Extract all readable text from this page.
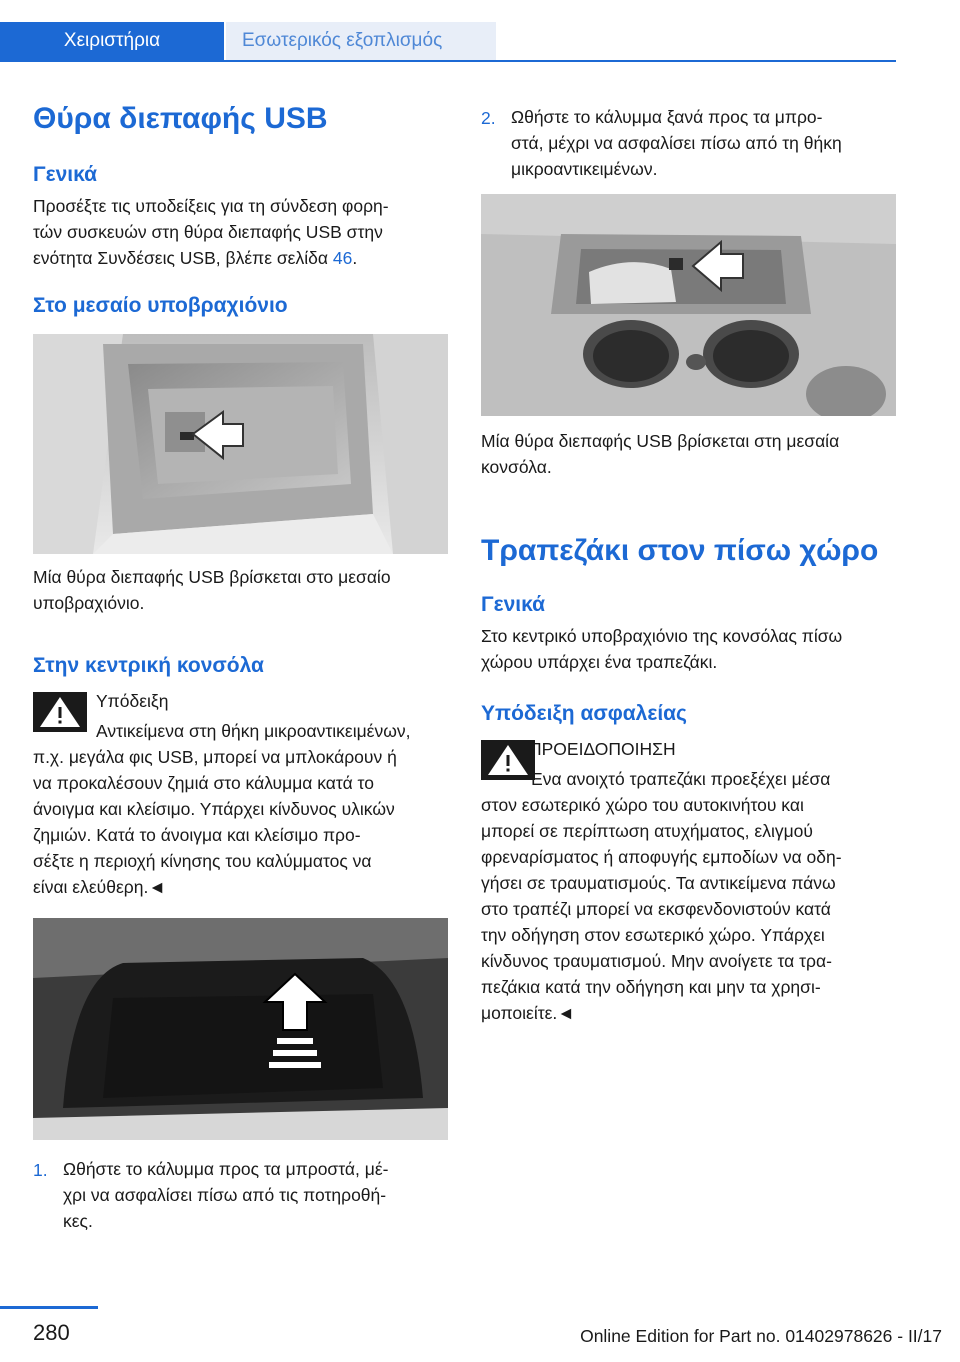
Χειριστήρια	Εσωτερικός εξοπλισμός
Θύρα διεπαφής USB
Γενικά
Προσέξτε τις υποδείξεις για τη σύνδεση φορη-
τών συσκευών στη θύρα διεπαφής USB στην
ενότητα Συνδέσεις USB, βλέπε σελίδα 46.
Στο μεσαίο υποβραχιόνιο
Μία θύρα διεπαφής USB βρίσκεται στο μεσαίο
υποβραχιόνιο.
Στην κεντρική κονσόλα
Υπόδειξη
Αντικείμενα στη θήκη μικροαντικειμένων,
π.χ. μεγάλα φις USB, μπορεί να μπλοκάρουν ή
να προκαλέσουν ζημιά στο κάλυμμα κατά το
άνοιγμα και κλείσιμο. Υπάρχει κίνδυνος υλικών
ζημιών. Κατά το άνοιγμα και κλείσιμο προ-
σέξτε η περιοχή κίνησης του καλύμματος να
είναι ελεύθερη.◄
1. Ωθήστε το κάλυμμα προς τα μπροστά, μέ-
χρι να ασφαλίσει πίσω από τις ποτηροθή-
κες.
2. Ωθήστε το κάλυμμα ξανά προς τα μπρο-
στά, μέχρι να ασφαλίσει πίσω από τη θήκη
μικροαντικειμένων.
Μία θύρα διεπαφής USB βρίσκεται στη μεσαία
κονσόλα.
Τραπεζάκι στον πίσω χώρο
Γενικά
Στο κεντρικό υποβραχιόνιο της κονσόλας πίσω
χώρου υπάρχει ένα τραπεζάκι.
Υπόδειξη ασφαλείας
ΠΡΟΕΙΔΟΠΟΙΗΣΗ
Ένα ανοιχτό τραπεζάκι προεξέχει μέσα
στον εσωτερικό χώρο του αυτοκινήτου και
μπορεί σε περίπτωση ατυχήματος, ελιγμού
φρεναρίσματος ή αποφυγής εμποδίων να οδη-
γήσει σε τραυματισμούς. Τα αντικείμενα πάνω
στο τραπέζι μπορεί να εκσφενδονιστούν κατά
την οδήγηση στον εσωτερικό χώρο. Υπάρχει
κίνδυνος τραυματισμού. Μην ανοίγετε τα τρα-
πεζάκια κατά την οδήγηση και μην τα χρησι-
μοποιείτε.◄
280	Online Edition for Part no. 01402978626 - II/17
